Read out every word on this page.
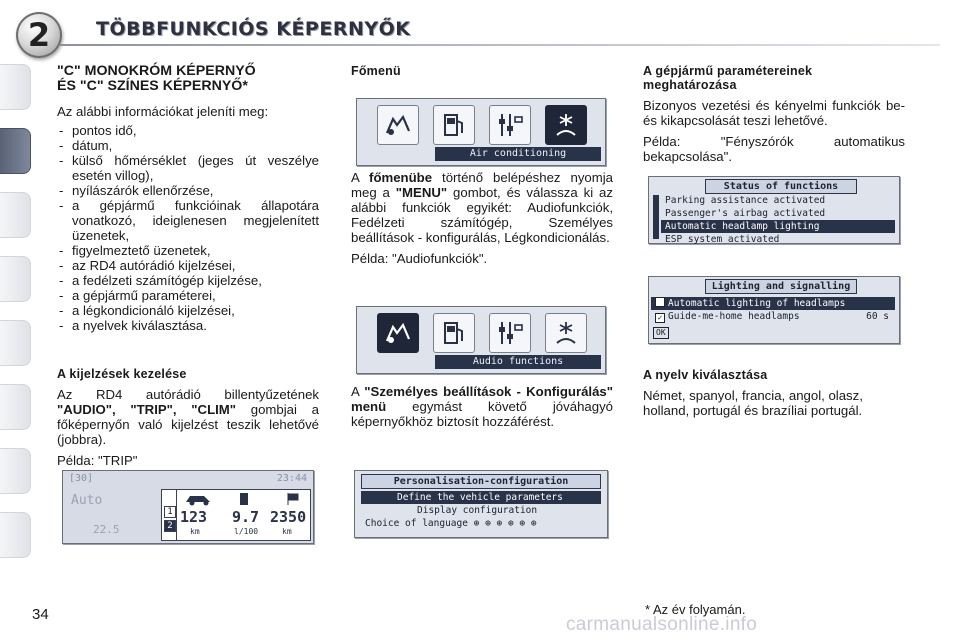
2 TÖBBFUNKCIÓS KÉPERNYŐK
"C" MONOKRÓM KÉPERNYŐ
ÉS "C" SZÍNES KÉPERNYŐ*

Az alábbi információkat jeleníti meg:

- pontos idő,
- dátum,
- külső hőmérséklet (jeges út veszélye esetén villog),
- nyílászárók ellenőrzése,
- a gépjármű funkcióinak állapotára vonatkozó, ideiglenesen megjelenített üzenetek,
- figyelmeztető üzenetek,
- az RD4 autórádió kijelzései,
- a fedélzeti számítógép kijelzése,
- a gépjármű paraméterei,
- a légkondicionáló kijelzései,
- a nyelvek kiválasztása.
A kijelzések kezelése

Az RD4 autórádió billentyűzetének "AUDIO", "TRIP", "CLIM" gombjai a főképernyőn való kijelzést teszik lehetővé (jobbra).

Példa: "TRIP"

Főmenü
Air conditioning

A főmenübe történő belépéshez nyomja meg a "MENU" gombot, és válassza ki az alábbi funkciók egyikét: Audiofunkciók, Fedélzeti számítógép, Személyes beállítások - konfigurálás, Légkondicionálás.

Példa: "Audiofunkciók".

Audio functions

A "Személyes beállítások - Konfigurálás" menü egymást követő jóváhagyó képernyőkhöz biztosít hozzáférést.

[30]	23:44
Auto
22.5
1
2 123 9.7 2350
km	l/100	km
Personalisation-configuration
Define the vehicle parameters
Display configuration
Choice of language ⊕ ⊕ ⊕ ⊕ ⊕ ⊕
A gépjármű paramétereinek
meghatározása

Bizonyos vezetési és kényelmi funkciók be- és kikapcsolását teszi lehetővé.

Példa: "Fényszórók automatikus bekapcsolása".

Status of functions
Parking assistance activated
Passenger's airbag activated
Automatic headlamp lighting
ESP system activated
Lighting and signalling
Automatic lighting of headlamps
✓ Guide-me-home headlamps	60 s
OK
A nyelv kiválasztása

Német, spanyol, francia, angol, olasz, holland, portugál és brazíliai portugál.

34	carmanualsonline.info
* Az év folyamán.
